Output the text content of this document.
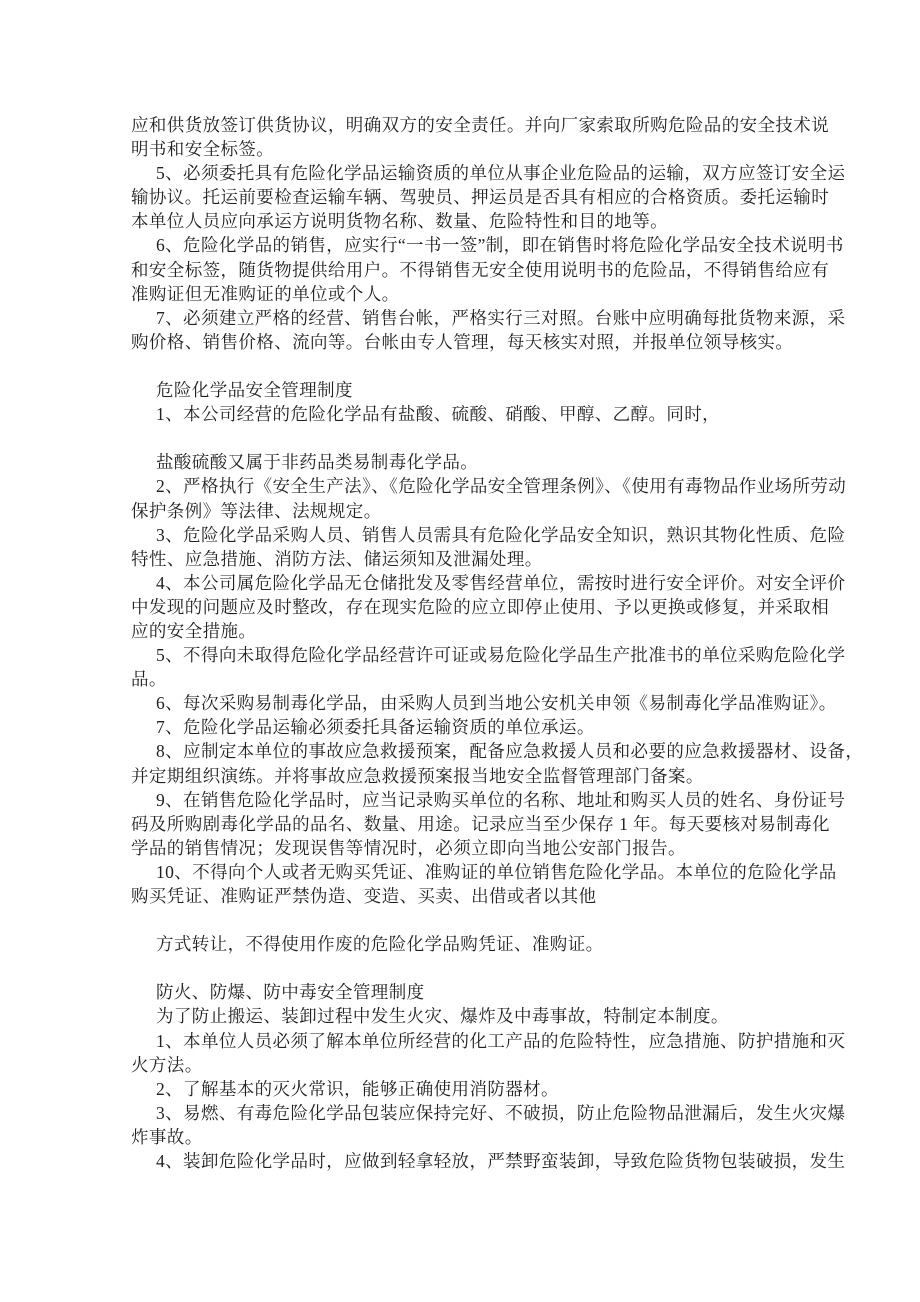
应和供货放签订供货协议，明确双方的安全责任。并向厂家索取所购危险品的安全技术说
明书和安全标签。
5、必须委托具有危险化学品运输资质的单位从事企业危险品的运输，双方应签订安全运
输协议。托运前要检查运输车辆、驾驶员、押运员是否具有相应的合格资质。委托运输时
本单位人员应向承运方说明货物名称、数量、危险特性和目的地等。
6、危险化学品的销售，应实行“一书一签”制，即在销售时将危险化学品安全技术说明书
和安全标签，随货物提供给用户。不得销售无安全使用说明书的危险品，不得销售给应有
准购证但无准购证的单位或个人。
7、必须建立严格的经营、销售台帐，严格实行三对照。台账中应明确每批货物来源，采
购价格、销售价格、流向等。台帐由专人管理，每天核实对照，并报单位领导核实。
危险化学品安全管理制度
1、本公司经营的危险化学品有盐酸、硫酸、硝酸、甲醇、乙醇。同时，
盐酸硫酸又属于非药品类易制毒化学品。
2、严格执行《安全生产法》、《危险化学品安全管理条例》、《使用有毒物品作业场所劳动
保护条例》等法律、法规规定。
3、危险化学品采购人员、销售人员需具有危险化学品安全知识，熟识其物化性质、危险
特性、应急措施、消防方法、储运须知及泄漏处理。
4、本公司属危险化学品无仓储批发及零售经营单位，需按时进行安全评价。对安全评价
中发现的问题应及时整改，存在现实危险的应立即停止使用、予以更换或修复，并采取相
应的安全措施。
5、不得向未取得危险化学品经营许可证或易危险化学品生产批准书的单位采购危险化学
品。
6、每次采购易制毒化学品，由采购人员到当地公安机关申领《易制毒化学品准购证》。
7、危险化学品运输必须委托具备运输资质的单位承运。
8、应制定本单位的事故应急救援预案，配备应急救援人员和必要的应急救援器材、设备，
并定期组织演练。并将事故应急救援预案报当地安全监督管理部门备案。
9、在销售危险化学品时，应当记录购买单位的名称、地址和购买人员的姓名、身份证号
码及所购剧毒化学品的品名、数量、用途。记录应当至少保存 1 年。每天要核对易制毒化
学品的销售情况；发现误售等情况时，必须立即向当地公安部门报告。
10、不得向个人或者无购买凭证、准购证的单位销售危险化学品。本单位的危险化学品
购买凭证、准购证严禁伪造、变造、买卖、出借或者以其他
方式转让，不得使用作废的危险化学品购凭证、准购证。
防火、防爆、防中毒安全管理制度
为了防止搬运、装卸过程中发生火灾、爆炸及中毒事故，特制定本制度。
1、本单位人员必须了解本单位所经营的化工产品的危险特性，应急措施、防护措施和灭
火方法。
2、了解基本的灭火常识，能够正确使用消防器材。
3、易燃、有毒危险化学品包装应保持完好、不破损，防止危险物品泄漏后，发生火灾爆
炸事故。
4、装卸危险化学品时，应做到轻拿轻放，严禁野蛮装卸，导致危险货物包装破损，发生
